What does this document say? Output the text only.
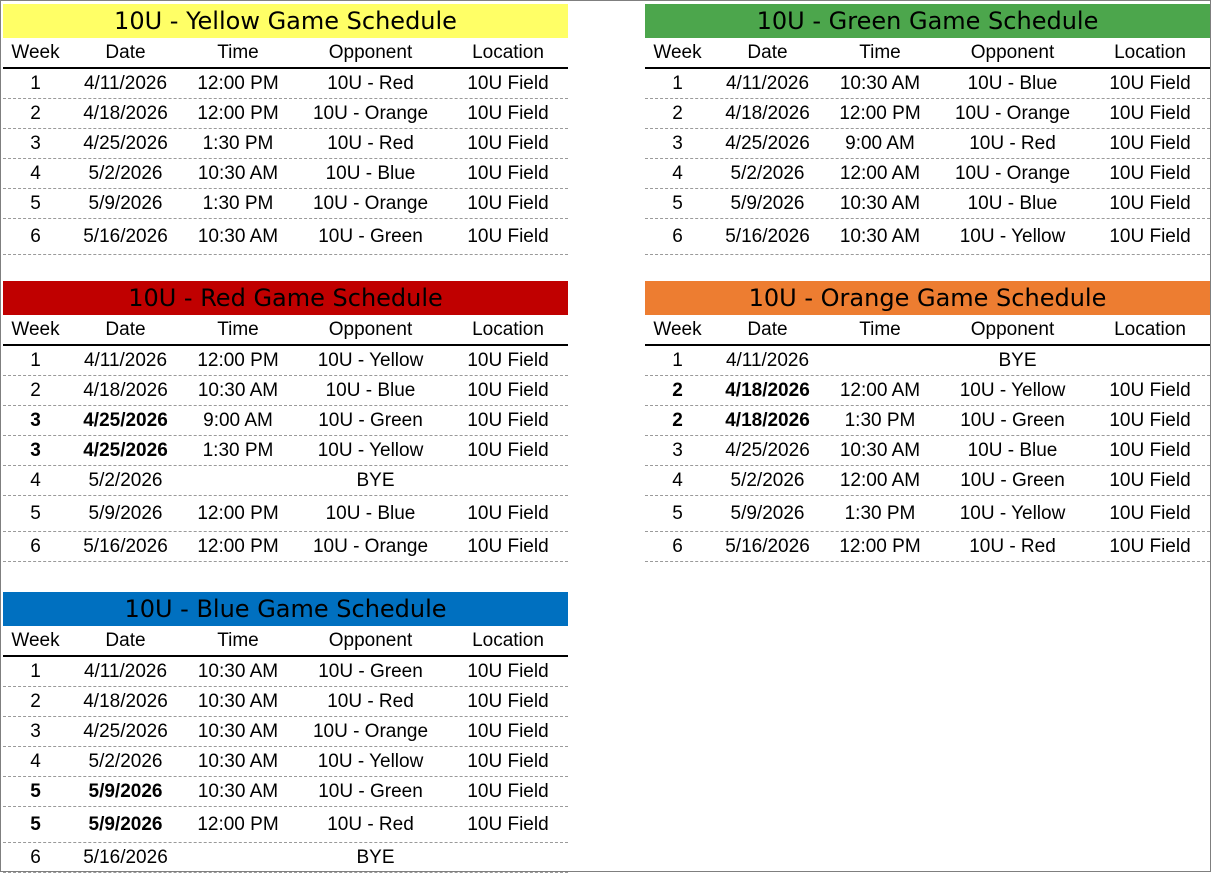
10U - Yellow Game Schedule
Week	Date	Time	Opponent	Location
1	4/11/2026	12:00 PM	10U - Red	10U Field
2	4/18/2026	12:00 PM	10U - Orange	10U Field
3	4/25/2026	1:30 PM	10U - Red	10U Field
4	5/2/2026	10:30 AM	10U - Blue	10U Field
5	5/9/2026	1:30 PM	10U - Orange	10U Field
6	5/16/2026	10:30 AM	10U - Green	10U Field
10U - Green Game Schedule
Week	Date	Time	Opponent	Location
1	4/11/2026	10:30 AM	10U - Blue	10U Field
2	4/18/2026	12:00 PM	10U - Orange	10U Field
3	4/25/2026	9:00 AM	10U - Red	10U Field
4	5/2/2026	12:00 AM	10U - Orange	10U Field
5	5/9/2026	10:30 AM	10U - Blue	10U Field
6	5/16/2026	10:30 AM	10U - Yellow	10U Field
10U - Red Game Schedule
Week	Date	Time	Opponent	Location
1	4/11/2026	12:00 PM	10U - Yellow	10U Field
2	4/18/2026	10:30 AM	10U - Blue	10U Field
3	4/25/2026	9:00 AM	10U - Green	10U Field
3	4/25/2026	1:30 PM	10U - Yellow	10U Field
4	5/2/2026	BYE
5	5/9/2026	12:00 PM	10U - Blue	10U Field
6	5/16/2026	12:00 PM	10U - Orange	10U Field
10U - Orange Game Schedule
Week	Date	Time	Opponent	Location
1	4/11/2026	BYE
2	4/18/2026	12:00 AM	10U - Yellow	10U Field
2	4/18/2026	1:30 PM	10U - Green	10U Field
3	4/25/2026	10:30 AM	10U - Blue	10U Field
4	5/2/2026	12:00 AM	10U - Green	10U Field
5	5/9/2026	1:30 PM	10U - Yellow	10U Field
6	5/16/2026	12:00 PM	10U - Red	10U Field
10U - Blue Game Schedule
Week	Date	Time	Opponent	Location
1	4/11/2026	10:30 AM	10U - Green	10U Field
2	4/18/2026	10:30 AM	10U - Red	10U Field
3	4/25/2026	10:30 AM	10U - Orange	10U Field
4	5/2/2026	10:30 AM	10U - Yellow	10U Field
5	5/9/2026	10:30 AM	10U - Green	10U Field
5	5/9/2026	12:00 PM	10U - Red	10U Field
6	5/16/2026	BYE
